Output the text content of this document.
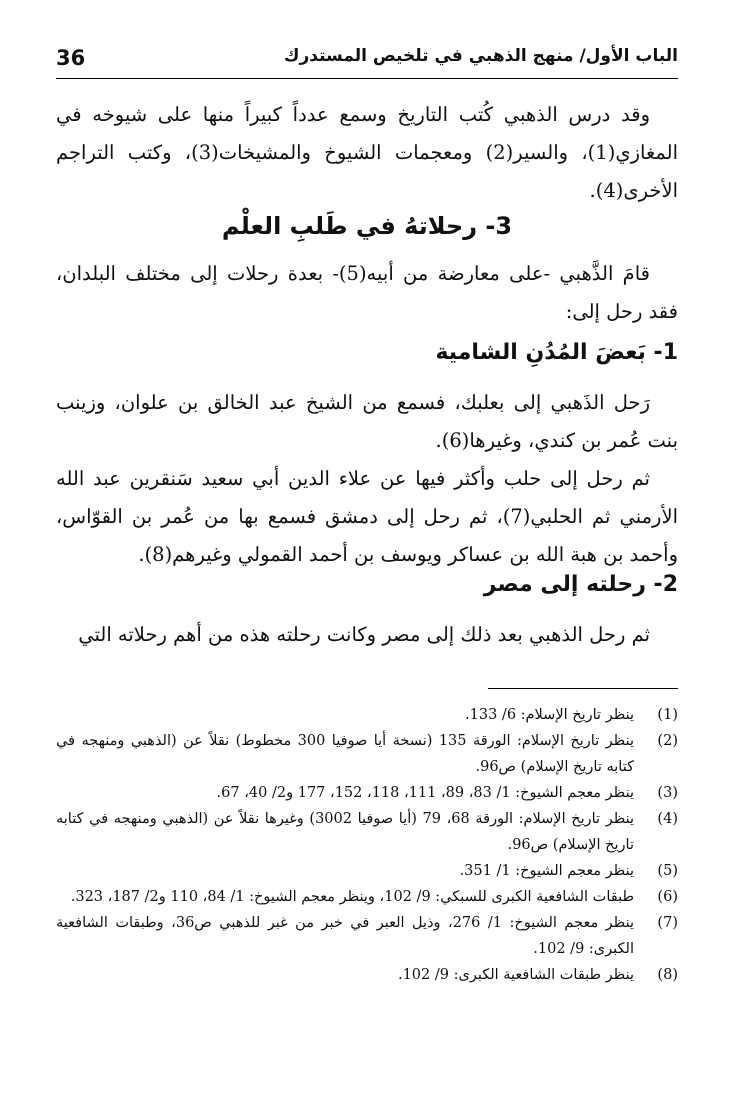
36	الباب الأول/ منهج الذهبي في تلخيص المستدرك

وقد درس الذهبي كُتب التاريخ وسمع عدداً كبيراً منها على شيوخه في المغازي(1)، والسير(2) ومعجمات الشيوخ والمشيخات(3)، وكتب التراجم الأخرى(4).

3- رحلاتهُ في طَلبِ العلْم

قامَ الذَّهبي -على معارضة من أبيه(5)- بعدة رحلات إلى مختلف البلدان، فقد رحل إلى:

1- بَعضَ المُدُنِ الشامية

رَحل الذَهبي إلى بعلبك، فسمع من الشيخ عبد الخالق بن علوان، وزينب بنت عُمر بن كندي، وغيرها(6).

ثم رحل إلى حلب وأكثر فيها عن علاء الدين أبي سعيد سَنقرين عبد الله الأرمني ثم الحلبي(7)، ثم رحل إلى دمشق فسمع بها من عُمر بن القوّاس، وأحمد بن هبة الله بن عساكر ويوسف بن أحمد القمولي وغيرهم(8).

2- رحلته إلى مصر

ثم رحل الذهبي بعد ذلك إلى مصر وكانت رحلته هذه من أهم رحلاته التي

(1)
ينظر تاريخ الإسلام: 6/ 133.
(2)
ينظر تاريخ الإسلام: الورقة 135 (نسخة أيا صوفيا 300 مخطوط) نقلاً عن (الذهبي ومنهجه في كتابه تاريخ الإسلام) ص96.
(3)
ينظر معجم الشيوخ: 1/ 83، 89، 111، 118، 152، 177 و2/ 40، 67.
(4)
ينظر تاريخ الإسلام: الورقة 68، 79 (أيا صوفيا 3002) وغيرها نقلاً عن (الذهبي ومنهجه في كتابه تاريخ الإسلام) ص96.
(5)
ينظر معجم الشيوخ: 1/ 351.
(6)
طبقات الشافعية الكبرى للسبكي: 9/ 102، وينظر معجم الشيوخ: 1/ 84، 110 و2/ 187، 323.
(7)
ينظر معجم الشيوخ: 1/ 276، وذيل العبر في خبر من غبر للذهبي ص36، وطبقات الشافعية الكبرى: 9/ 102.
(8)
ينظر طبقات الشافعية الكبرى: 9/ 102.
